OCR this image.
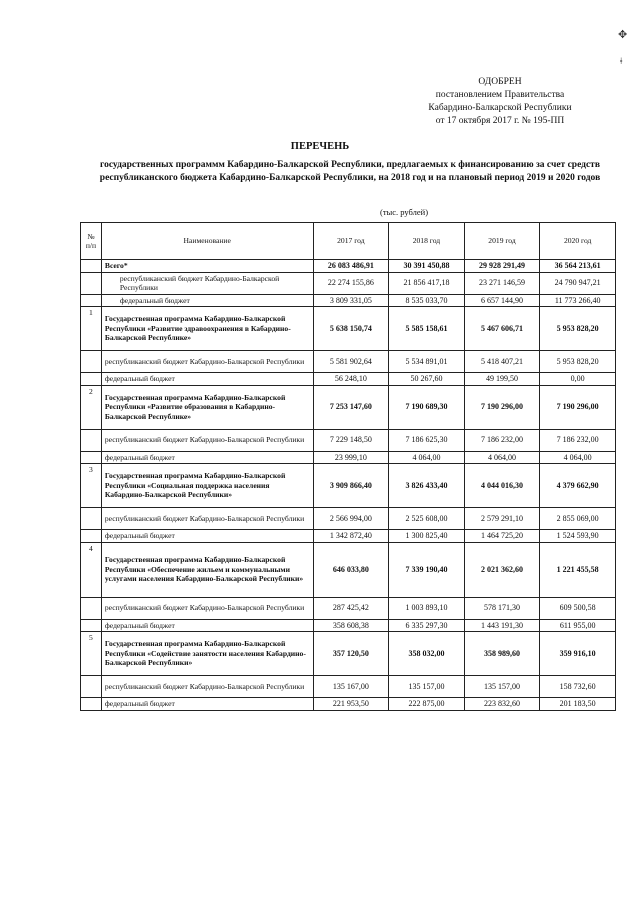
✥
ǂ
ОДОБРЕН
постановлением Правительства
Кабардино-Балкарской Республики
от 17 октября 2017 г. № 195-ПП
ПЕРЕЧЕНЬ
государственных программм Кабардино-Балкарской Республики, предлагаемых к финансированию за счет средств республиканского бюджета Кабардино-Балкарской Республики, на 2018 год и на плановый период 2019 и 2020 годов
(тыс. рублей)
№ п/п	Наименование	2017 год	2018 год	2019 год	2020 год
	Всего*	26 083 486,91	30 391 450,88	29 928 291,49	36 564 213,61
	республиканский бюджет Кабардино-Балкарской Республики	22 274 155,86	21 856 417,18	23 271 146,59	24 790 947,21
	федеральный бюджет	3 809 331,05	8 535 033,70	6 657 144,90	11 773 266,40
1	Государственная программа Кабардино-Балкарской Республики «Развитие здравоохранения в Кабардино-Балкарской Республике»	5 638 150,74	5 585 158,61	5 467 606,71	5 953 828,20
	республиканский бюджет Кабардино-Балкарской Республики	5 581 902,64	5 534 891,01	5 418 407,21	5 953 828,20
	федеральный бюджет	56 248,10	50 267,60	49 199,50	0,00
2	Государственная программа Кабардино-Балкарской Республики «Развитие образования в Кабардино-Балкарской Республике»	7 253 147,60	7 190 689,30	7 190 296,00	7 190 296,00
	республиканский бюджет Кабардино-Балкарской Республики	7 229 148,50	7 186 625,30	7 186 232,00	7 186 232,00
	федеральный бюджет	23 999,10	4 064,00	4 064,00	4 064,00
3	Государственная программа Кабардино-Балкарской Республики «Социальная поддержка населения Кабардино-Балкарской Республики»	3 909 866,40	3 826 433,40	4 044 016,30	4 379 662,90
	республиканский бюджет Кабардино-Балкарской Республики	2 566 994,00	2 525 608,00	2 579 291,10	2 855 069,00
	федеральный бюджет	1 342 872,40	1 300 825,40	1 464 725,20	1 524 593,90
4	Государственная программа Кабардино-Балкарской Республики «Обеспечение жильем и коммунальными услугами населения Кабардино-Балкарской Республики»	646 033,80	7 339 190,40	2 021 362,60	1 221 455,58
	республиканский бюджет Кабардино-Балкарской Республики	287 425,42	1 003 893,10	578 171,30	609 500,58
	федеральный бюджет	358 608,38	6 335 297,30	1 443 191,30	611 955,00
5	Государственная программа Кабардино-Балкарской Республики «Содействие занятости населения Кабардино-Балкарской Республики»	357 120,50	358 032,00	358 989,60	359 916,10
	республиканский бюджет Кабардино-Балкарской Республики	135 167,00	135 157,00	135 157,00	158 732,60
	федеральный бюджет	221 953,50	222 875,00	223 832,60	201 183,50
